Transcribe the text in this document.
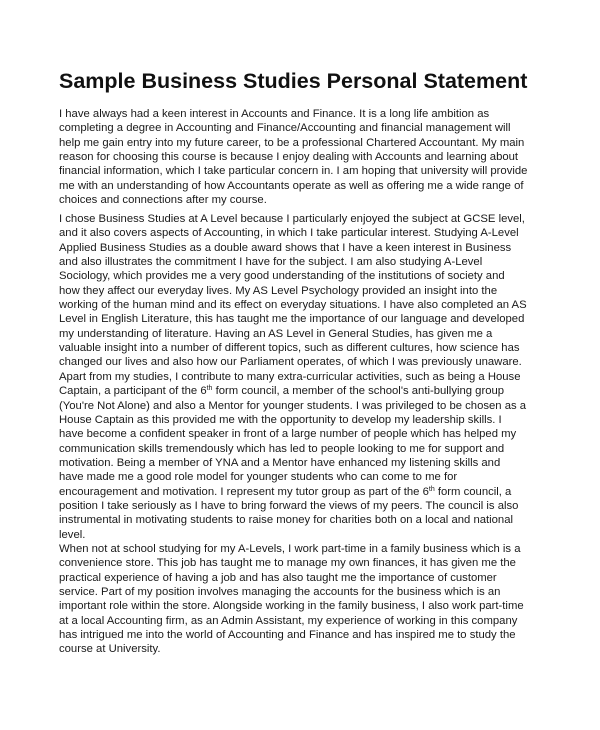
Sample Business Studies Personal Statement

I have always had a keen interest in Accounts and Finance. It is a long life ambition as
completing a degree in Accounting and Finance/Accounting and financial management will
help me gain entry into my future career, to be a professional Chartered Accountant. My main
reason for choosing this course is because I enjoy dealing with Accounts and learning about
financial information, which I take particular concern in. I am hoping that university will provide
me with an understanding of how Accountants operate as well as offering me a wide range of
choices and connections after my course.

I chose Business Studies at A Level because I particularly enjoyed the subject at GCSE level,
and it also covers aspects of Accounting, in which I take particular interest. Studying A-Level
Applied Business Studies as a double award shows that I have a keen interest in Business
and also illustrates the commitment I have for the subject. I am also studying A-Level
Sociology, which provides me a very good understanding of the institutions of society and
how they affect our everyday lives. My AS Level Psychology provided an insight into the
working of the human mind and its effect on everyday situations. I have also completed an AS
Level in English Literature, this has taught me the importance of our language and developed
my understanding of literature. Having an AS Level in General Studies, has given me a
valuable insight into a number of different topics, such as different cultures, how science has
changed our lives and also how our Parliament operates, of which I was previously unaware.

Apart from my studies, I contribute to many extra-curricular activities, such as being a House
Captain, a participant of the 6th form council, a member of the school's anti-bullying group
(You're Not Alone) and also a Mentor for younger students. I was privileged to be chosen as a
House Captain as this provided me with the opportunity to develop my leadership skills. I
have become a confident speaker in front of a large number of people which has helped my
communication skills tremendously which has led to people looking to me for support and
motivation. Being a member of YNA and a Mentor have enhanced my listening skills and
have made me a good role model for younger students who can come to me for
encouragement and motivation. I represent my tutor group as part of the 6th form council, a
position I take seriously as I have to bring forward the views of my peers. The council is also
instrumental in motivating students to raise money for charities both on a local and national
level.

When not at school studying for my A-Levels, I work part-time in a family business which is a
convenience store. This job has taught me to manage my own finances, it has given me the
practical experience of having a job and has also taught me the importance of customer
service. Part of my position involves managing the accounts for the business which is an
important role within the store. Alongside working in the family business, I also work part-time
at a local Accounting firm, as an Admin Assistant, my experience of working in this company
has intrigued me into the world of Accounting and Finance and has inspired me to study the
course at University.
